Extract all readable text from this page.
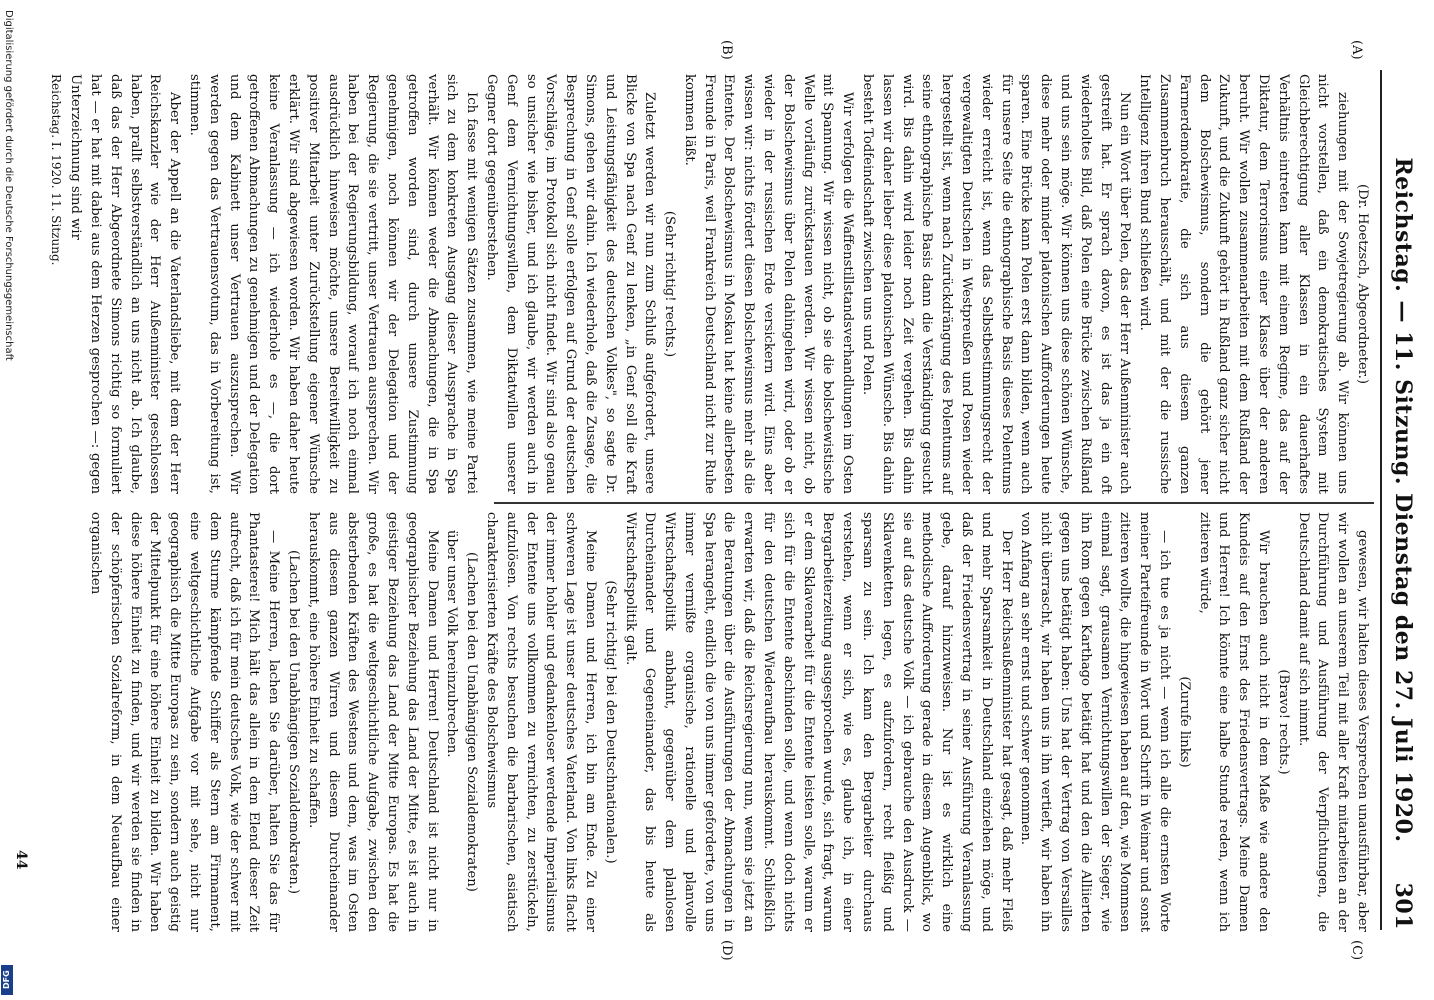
Reichstag. — 11. Sitzung. Dienstag den 27. Juli 1920.
301
(A)
(B)
(C)
(D)

(Dr. Hoetzsch, Abgeordneter.)

ziehungen mit der Sowjetregierung ab. Wir können uns nicht vorstellen, daß ein demokratisches System mit Gleichberechtigung aller Klassen in ein dauerhaftes Verhältnis eintreten kann mit einem Regime, das auf der Diktatur, dem Terrorismus einer Klasse über der anderen beruht. Wir wollen zusammenarbeiten mit dem Rußland der Zukunft, und die Zukunft gehört in Rußland ganz sicher nicht dem Bolschewismus, sondern die gehört jener Farmerdemokratie, die sich aus diesem ganzen Zusammenbruch herausschält, und mit der die russische Intelligenz ihren Bund schließen wird.

Nun ein Wort über Polen, das der Herr Außenminister auch gestreift hat. Er sprach davon, es ist das ja ein oft wiederholtes Bild, daß Polen eine Brücke zwischen Rußland und uns sein möge. Wir können uns diese schönen Wünsche, diese mehr oder minder platonischen Aufforderungen heute sparen. Eine Brücke kann Polen erst dann bilden, wenn auch für unsere Seite die ethnographische Basis dieses Polentums wieder erreicht ist, wenn das Selbstbestimmungsrecht der vergewaltigten Deutschen in Westpreußen und Posen wieder hergestellt ist, wenn nach Zurückdrängung des Polentums auf seine ethnographische Basis dann die Verständigung gesucht wird. Bis dahin wird leider noch Zeit vergehen. Bis dahin lassen wir daher lieber diese platonischen Wünsche. Bis dahin besteht Todfeindschaft zwischen uns und Polen.

Wir verfolgen die Waffenstillstandsverhandlungen im Osten mit Spannung. Wir wissen nicht, ob sie die bolschewistische Welle vorläufig zurückstauen werden. Wir wissen nicht, ob der Bolschewismus über Polen dahingehen wird, oder ob er wieder in der russischen Erde versickern wird. Eins aber wissen wir: nichts fördert diesen Bolschewismus mehr als die Entente. Der Bolschewismus in Moskau hat keine allerbesten Freunde in Paris, weil Frankreich Deutschland nicht zur Ruhe kommen läßt.

(Sehr richtig! rechts.)

Zuletzt werden wir nun zum Schluß aufgefordert, unsere Blicke von Spa nach Genf zu lenken, „in Genf soll die Kraft und Leistungsfähigkeit des deutschen Volkes", so sagte Dr. Simons, gehen wir dahin. Ich wiederhole, daß die Zusage, die Besprechung in Genf solle erfolgen auf Grund der deutschen Vorschläge, im Protokoll sich nicht findet. Wir sind also genau so unsicher wie bisher, und ich glaube, wir werden auch in Genf dem Vernichtungswillen, dem Diktatwillen unserer Gegner dort gegenüberstehen.

Ich fasse mit wenigen Sätzen zusammen, wie meine Partei sich zu dem konkreten Ausgang dieser Aussprache in Spa verhält. Wir können weder die Abmachungen, die in Spa getroffen worden sind, durch unsere Zustimmung genehmigen, noch können wir der Delegation und der Regierung, die sie vertritt, unser Vertrauen aussprechen. Wir haben bei der Regierungsbildung, worauf ich noch einmal ausdrücklich hinweisen möchte, unsere Bereitwilligkeit zu positiver Mitarbeit unter Zurückstellung eigener Wünsche erklärt. Wir sind abgewiesen worden. Wir haben daher heute keine Veranlassung — ich wiederhole es —, die dort getroffenen Abmachungen zu genehmigen und der Delegation und dem Kabinett unser Vertrauen auszusprechen. Wir werden gegen das Vertrauensvotum, das in Vorbereitung ist, stimmen.

Aber der Appell an die Vaterlandsliebe, mit dem der Herr Reichskanzler wie der Herr Außenminister geschlossen haben, prallt selbstverständlich an uns nicht ab. Ich glaube, daß das der Herr Abgeordnete Simons richtig so formuliert hat — er hat mit dabei aus dem Herzen gesprochen —: gegen Unterzeichnung sind wir

Reichstag. I. 1920. 11. Sitzung.

gewesen, wir halten dieses Versprechen unausführbar, aber wir wollen an unserem Teil mit aller Kraft mitarbeiten an der Durchführung und Ausführung der Verpflichtungen, die Deutschland damit auf sich nimmt.

(Bravo! rechts.)

Wir brauchen auch nicht in dem Maße wie andere den Kundeis auf den Ernst des Friedensvertrags. Meine Damen und Herren! Ich könnte eine halbe Stunde reden, wenn ich zitieren würde,

(Zurufe links)

— ich tue es ja nicht — wenn ich alle die ernsten Worte meiner Parteifreunde in Wort und Schrift in Weimar und sonst zitieren wollte, die hingewiesen haben auf den, wie Mommsen einmal sagt, grausamen Vernichtungswillen der Sieger, wie ihn Rom gegen Karthago betätigt hat und den die Alliierten gegen uns betätigt haben: Uns hat der Vertrag von Versailles nicht überrascht, wir haben uns in ihn vertieft, wir haben ihn von Anfang an sehr ernst und schwer genommen.

Der Herr Reichsaußenminister hat gesagt, daß mehr Fleiß und mehr Sparsamkeit in Deutschland einziehen möge, und daß der Friedensvertrag in seiner Ausführung Veranlassung gebe, darauf hinzuweisen. Nur ist es wirklich eine methodische Aufforderung gerade in diesem Augenblick, wo sie auf das deutsche Volk — ich gebrauche den Ausdruck — Sklavenketten legen, es aufzufordern, recht fleißig und sparsam zu sein. Ich kann den Bergarbeiter durchaus verstehen, wenn er sich, wie es, glaube ich, in einer Bergarbeiterzeitung ausgesprochen wurde, sich fragt, warum er dem Sklavenarbeit für die Entente leisten solle, warum er sich für die Entente abschinden solle, und wenn doch nichts für den deutschen Wiederaufbau herauskommt. Schließlich erwarten wir, daß die Reichsregierung nun, wenn sie jetzt an die Beratungen über die Ausführungen der Abmachungen in Spa herangeht, endlich die von uns immer geforderte, von uns immer vermißte organische, rationelle und planvolle Wirtschaftspolitik anbahnt, gegenüber dem planlosen Durcheinander und Gegeneinander, das bis heute als Wirtschaftspolitik galt.

(Sehr richtig! bei den Deutschnationalen.)

Meine Damen und Herren, ich bin am Ende. Zu einer schweren Lage ist unser deutsches Vaterland. Von links flacht der immer hohler und gedankenloser werdende Imperialismus der Entente uns vollkommen zu vernichten, zu zerstückeln, aufzulösen. Von rechts besuchen die barbarischen, asiatisch charakterisierten Kräfte des Bolschewismus

(Lachen bei den Unabhängigen Sozialdemokraten)

über unser Volk hereinzubrechen.

Meine Damen und Herren! Deutschland ist nicht nur in geographischer Beziehung das Land der Mitte, es ist auch in geistiger Beziehung das Land der Mitte Europas. Es hat die große, es hat die weltgeschichtliche Aufgabe, zwischen den absterbenden Kräften des Westens und dem, was im Osten aus diesem ganzen Wirren und diesem Durcheinander herauskommt, eine höhere Einheit zu schaffen.

(Lachen bei den Unabhängigen Sozialdemokraten.)

— Meine Herren, lachen Sie darüber, halten Sie das für Phantasterei! Mich hält das allein in dem Elend dieser Zeit aufrecht, daß ich für mein deutsches Volk, wie der schwer mit dem Sturme kämpfende Schiffer als Stern am Firmament, eine weltgeschichtliche Aufgabe vor mit sehe, nicht nur geographisch die Mitte Europas zu sein, sondern auch geistig der Mittelpunkt für eine höhere Einheit zu bilden. Wir haben diese höhere Einheit zu finden, und wir werden sie finden in der schöpferischen Sozialreform, in dem Neuaufbau einer organischen

44
Digitalisierung gefördert durch die Deutsche Forschungsgemeinschaft
DFG
